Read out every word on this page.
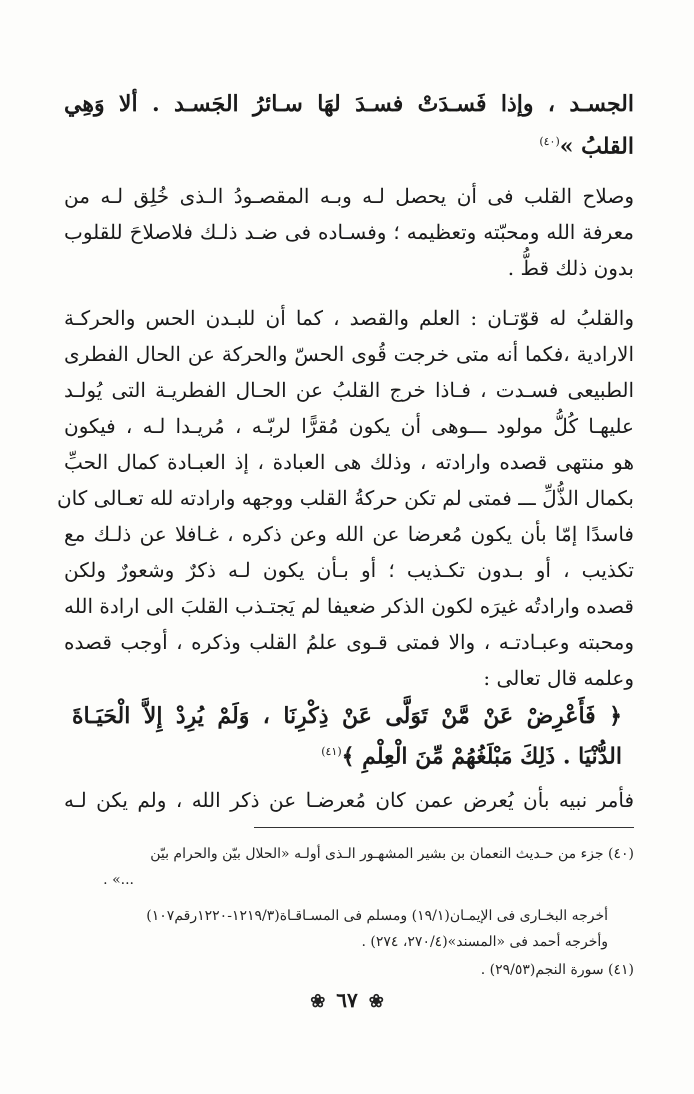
الجسـد ، وإذا فَسـدَتْ فسـدَ لهَا سـائرُ الجَسـد . ألا وَهِي
القلبُ »$^{(٤٠)}$
وصلاح القلب فى أن يحصل لـه وبـه المقصـودُ الـذى خُلِق لـه من
معرفة الله ومحبّته وتعظيمه ؛ وفسـاده فى ضـد ذلـك فلاصلاحَ للقلوب
بدون ذلك قطُّ .
والقلبُ له قوّتـان : العلم والقصد ، كما أن للبـدن الحس والحركـة
الارادية ،فكما أنه متى خرجت قُوى الحسّ والحركة عن الحال الفطرى
الطبيعى فسـدت ، فـاذا خرج القلبُ عن الحـال الفطريـة التى يُولـد
عليهـا كُلُّ مولود ـــوهى أن يكون مُقرًّا لربّـه ، مُريـدا لـه ، فيكون
هو منتهى قصده وارادته ، وذلك هى العبادة ، إذ العبـادة كمال الحبِّ
بكمال الذُّلِّ ـــ فمتى لم تكن حركةُ القلب ووجهه وارادته لله تعـالى كان
فاسدًا إمّا بأن يكون مُعرضا عن الله وعن ذكره ، غـافلا عن ذلـك مع
تكذيب ، أو بـدون تكـذيب ؛ أو بـأن يكون لـه ذكرٌ وشعورٌ ولكن
قصده وارادتُه غيرَه لكون الذكر ضعيفا لم يَجتـذب القلبَ الى ارادة الله
ومحبته وعبـادتـه ، والا فمتى قـوى علمُ القلب وذكره ، أوجب قصده
وعلمه قال تعالى :
﴿ فَأَعْرِضْ عَنْ مَّنْ تَوَلَّى عَنْ ذِكْرِنَا ، وَلَمْ يُرِدْ إِلاَّ الْحَيَـاةَ
الدُّنْيَا . ذَلِكَ مَبْلَغُهُمْ مِّنَ الْعِلْمِ ﴾$^{(٤١)}$
فأمر نبيه بأن يُعرض عمن كان مُعرضـا عن ذكر الله ، ولم يكن لـه
(٤٠) جزء من حـديث النعمان بن بشير المشهـور الـذى أولـه «الحلال بيّن والحرام بيّن
...» .
أخرجه البخـارى فى الإيمـان(١٩/١) ومسلم فى المسـاقـاة(١٢١٩/٣-١٢٢٠رقم١٠٧)
وأخرجه أحمد فى «المسند»(٢٧٠/٤، ٢٧٤) .
(٤١) سورة النجم(٢٩/٥٣) .
❀ ٦٧ ❀
